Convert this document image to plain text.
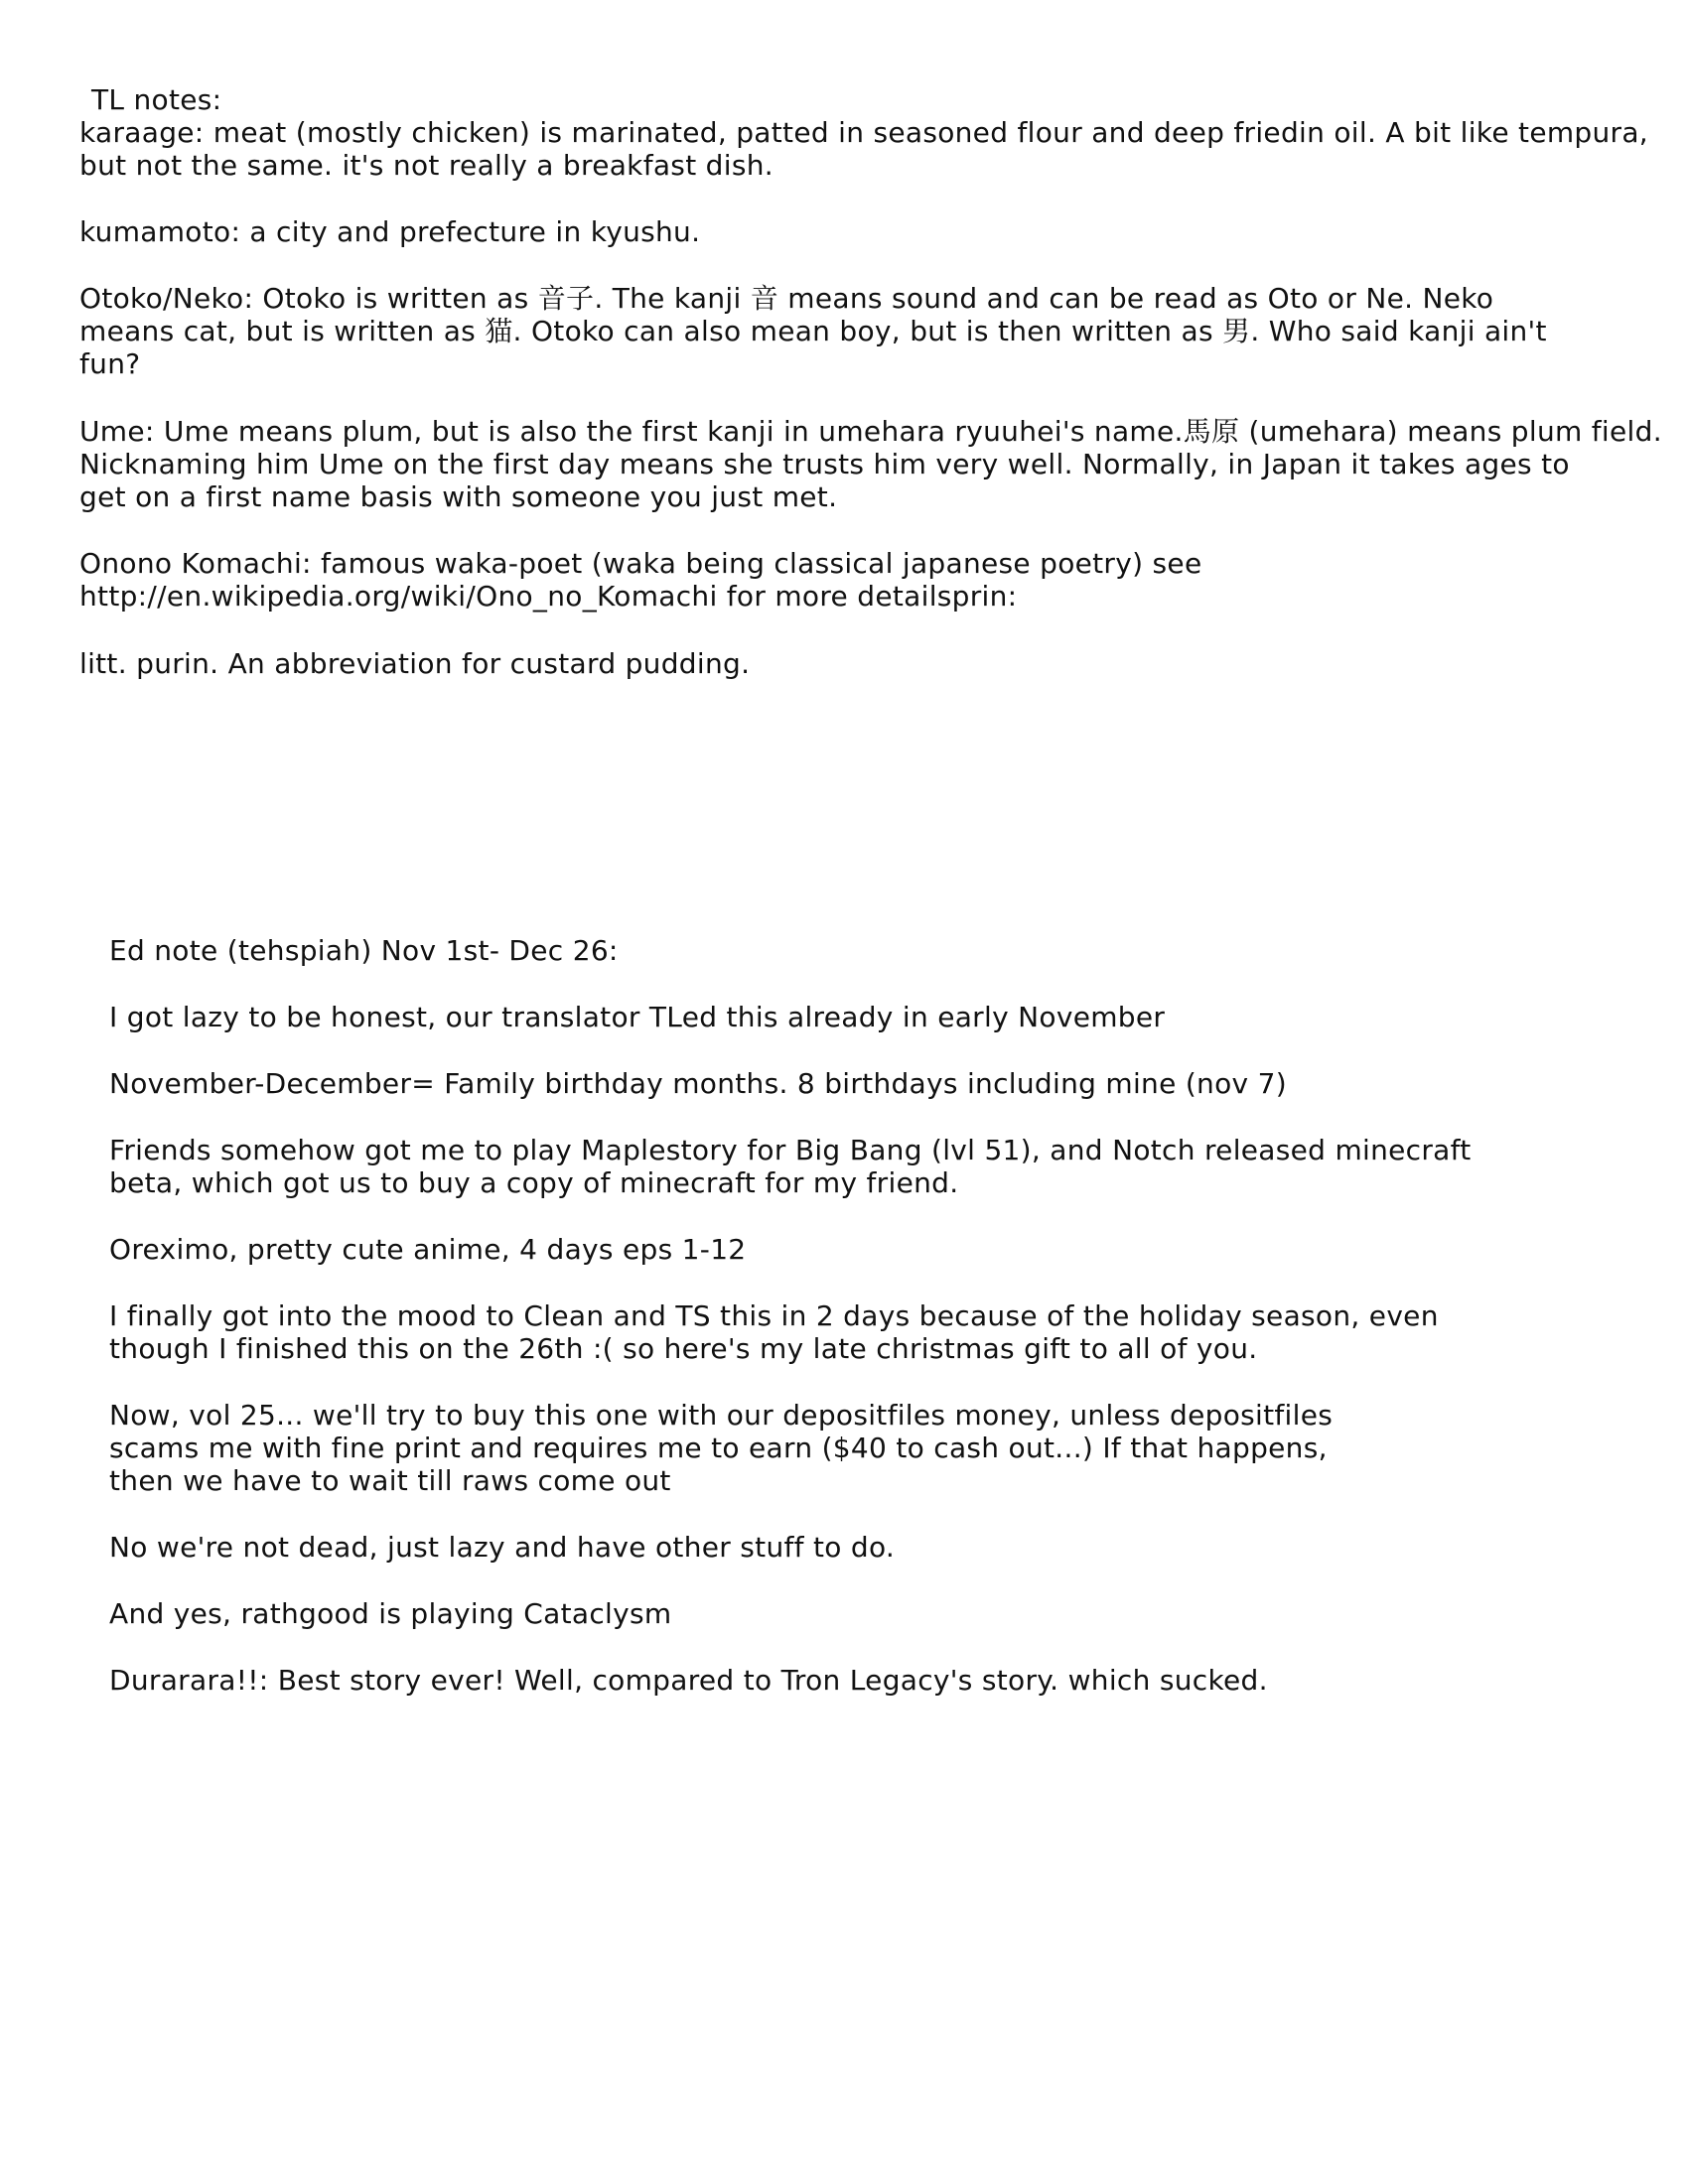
TL notes:
karaage: meat (mostly chicken) is marinated, patted in seasoned flour and deep friedin oil. A bit like tempura,
but not the same. it's not really a breakfast dish.
kumamoto: a city and prefecture in kyushu.
Otoko/Neko: Otoko is written as 音子. The kanji 音 means sound and can be read as Oto or Ne. Neko
means cat, but is written as 猫. Otoko can also mean boy, but is then written as 男. Who said kanji ain't
fun?
Ume: Ume means plum, but is also the first kanji in umehara ryuuhei's name.馬原 (umehara) means plum field.
Nicknaming him Ume on the first day means she trusts him very well. Normally, in Japan it takes ages to
get on a first name basis with someone you just met.
Onono Komachi: famous waka-poet (waka being classical japanese poetry) see
http://en.wikipedia.org/wiki/Ono_no_Komachi for more detailsprin:
litt. purin. An abbreviation for custard pudding.
Ed note (tehspiah) Nov 1st- Dec 26:
I got lazy to be honest, our translator TLed this already in early November
November-December= Family birthday months. 8 birthdays including mine (nov 7)
Friends somehow got me to play Maplestory for Big Bang (lvl 51), and Notch released minecraft
beta, which got us to buy a copy of minecraft for my friend.
Oreximo, pretty cute anime, 4 days eps 1-12
I finally got into the mood to Clean and TS this in 2 days because of the holiday season, even
though I finished this on the 26th :( so here's my late christmas gift to all of you.
Now, vol 25... we'll try to buy this one with our depositfiles money, unless depositfiles
scams me with fine print and requires me to earn ($40 to cash out...) If that happens,
then we have to wait till raws come out
No we're not dead, just lazy and have other stuff to do.
And yes, rathgood is playing Cataclysm
Durarara!!: Best story ever! Well, compared to Tron Legacy's story. which sucked.
